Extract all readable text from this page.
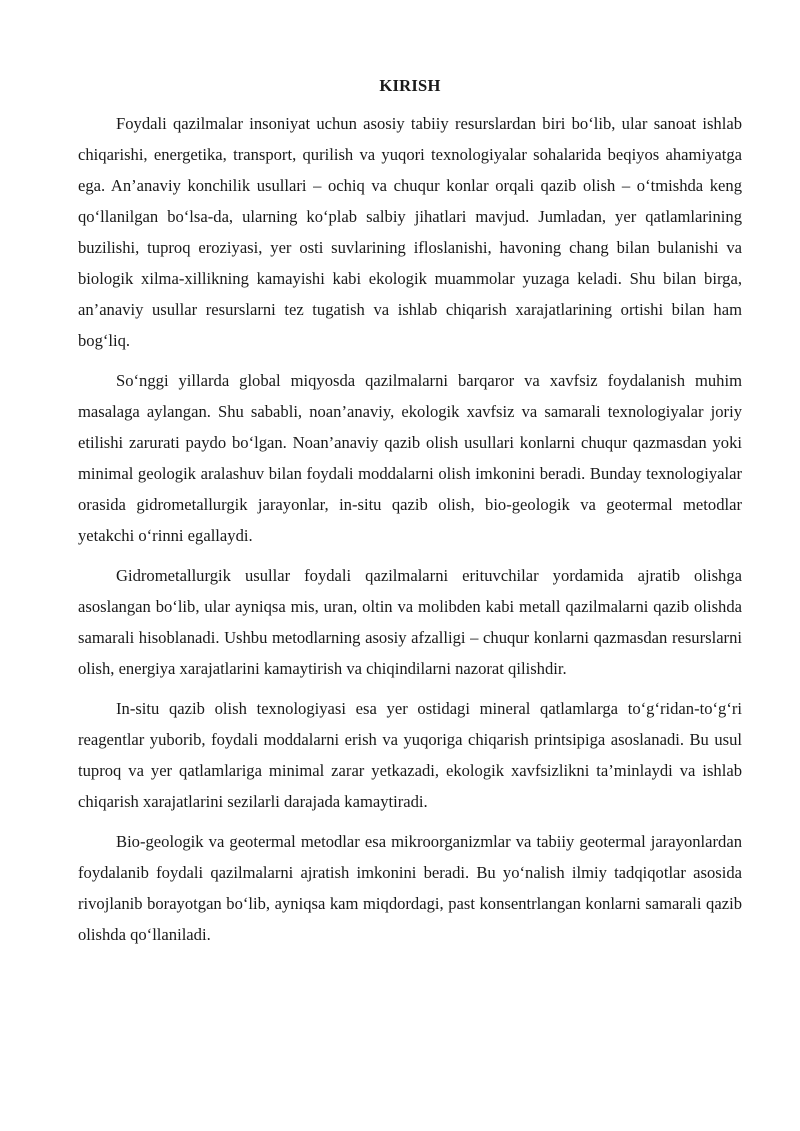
KIRISH

Foydali qazilmalar insoniyat uchun asosiy tabiiy resurslardan biri bo‘lib, ular sanoat ishlab chiqarishi, energetika, transport, qurilish va yuqori texnologiyalar sohalarida beqiyos ahamiyatga ega. An’anaviy konchilik usullari – ochiq va chuqur konlar orqali qazib olish – o‘tmishda keng qo‘llanilgan bo‘lsa-da, ularning ko‘plab salbiy jihatlari mavjud. Jumladan, yer qatlamlarining buzilishi, tuproq eroziyasi, yer osti suvlarining ifloslanishi, havoning chang bilan bulanishi va biologik xilma-xillikning kamayishi kabi ekologik muammolar yuzaga keladi. Shu bilan birga, an’anaviy usullar resurslarni tez tugatish va ishlab chiqarish xarajatlarining ortishi bilan ham bog‘liq.

So‘nggi yillarda global miqyosda qazilmalarni barqaror va xavfsiz foydalanish muhim masalaga aylangan. Shu sababli, noan’anaviy, ekologik xavfsiz va samarali texnologiyalar joriy etilishi zarurati paydo bo‘lgan. Noan’anaviy qazib olish usullari konlarni chuqur qazmasdan yoki minimal geologik aralashuv bilan foydali moddalarni olish imkonini beradi. Bunday texnologiyalar orasida gidrometallurgik jarayonlar, in-situ qazib olish, bio-geologik va geotermal metodlar yetakchi o‘rinni egallaydi.

Gidrometallurgik usullar foydali qazilmalarni erituvchilar yordamida ajratib olishga asoslangan bo‘lib, ular ayniqsa mis, uran, oltin va molibden kabi metall qazilmalarni qazib olishda samarali hisoblanadi. Ushbu metodlarning asosiy afzalligi – chuqur konlarni qazmasdan resurslarni olish, energiya xarajatlarini kamaytirish va chiqindilarni nazorat qilishdir.

In-situ qazib olish texnologiyasi esa yer ostidagi mineral qatlamlarga to‘g‘ridan-to‘g‘ri reagentlar yuborib, foydali moddalarni erish va yuqoriga chiqarish printsipiga asoslanadi. Bu usul tuproq va yer qatlamlariga minimal zarar yetkazadi, ekologik xavfsizlikni ta’minlaydi va ishlab chiqarish xarajatlarini sezilarli darajada kamaytiradi.

Bio-geologik va geotermal metodlar esa mikroorganizmlar va tabiiy geotermal jarayonlardan foydalanib foydali qazilmalarni ajratish imkonini beradi. Bu yo‘nalish ilmiy tadqiqotlar asosida rivojlanib borayotgan bo‘lib, ayniqsa kam miqdordagi, past konsentrlangan konlarni samarali qazib olishda qo‘llaniladi.
